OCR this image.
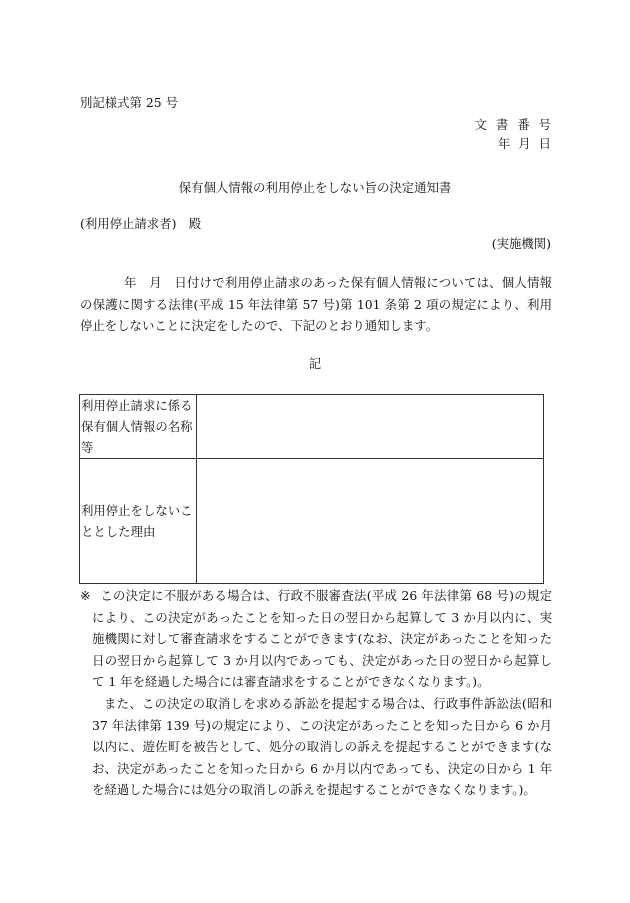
別記様式第 25 号
文書番号
年月日
保有個人情報の利用停止をしない旨の決定通知書
(利用停止請求者)　殿
(実施機関)
年　月　日付けで利用停止請求のあった保有個人情報については、個人情報の保護に関する法律(平成 15 年法律第 57 号)第 101 条第 2 項の規定により、利用停止をしないことに決定をしたので、下記のとおり通知します。
記
利用停止請求に係る保有個人情報の名称等	
利用停止をしないこととした理由	

※ この決定に不服がある場合は、行政不服審査法(平成 26 年法律第 68 号)の規定により、この決定があったことを知った日の翌日から起算して 3 か月以内に、実施機関に対して審査請求をすることができます(なお、決定があったことを知った日の翌日から起算して 3 か月以内であっても、決定があった日の翌日から起算して 1 年を経過した場合には審査請求をすることができなくなります。)。

また、この決定の取消しを求める訴訟を提起する場合は、行政事件訴訟法(昭和 37 年法律第 139 号)の規定により、この決定があったことを知った日から 6 か月以内に、遊佐町を被告として、処分の取消しの訴えを提起することができます(なお、決定があったことを知った日から 6 か月以内であっても、決定の日から 1 年を経過した場合には処分の取消しの訴えを提起することができなくなります。)。
